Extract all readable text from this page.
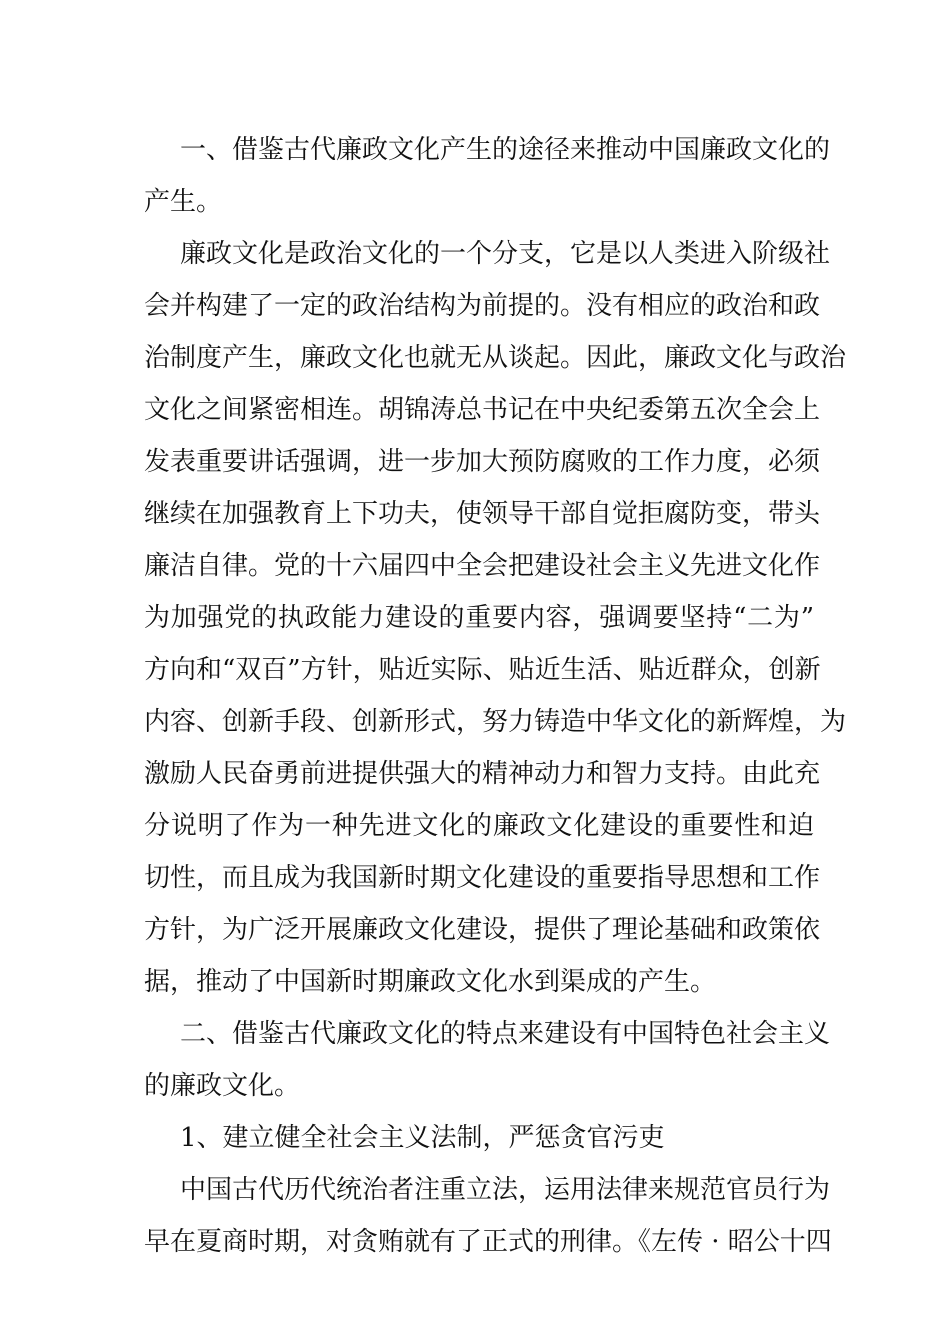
一、借鉴古代廉政文化产生的途径来推动中国廉政文化的
产生。
廉政文化是政治文化的一个分支，它是以人类进入阶级社
会并构建了一定的政治结构为前提的。没有相应的政治和政
治制度产生，廉政文化也就无从谈起。因此，廉政文化与政治
文化之间紧密相连。胡锦涛总书记在中央纪委第五次全会上
发表重要讲话强调，进一步加大预防腐败的工作力度，必须
继续在加强教育上下功夫，使领导干部自觉拒腐防变，带头
廉洁自律。党的十六届四中全会把建设社会主义先进文化作
为加强党的执政能力建设的重要内容，强调要坚持“二为”
方向和“双百”方针，贴近实际、贴近生活、贴近群众，创新
内容、创新手段、创新形式，努力铸造中华文化的新辉煌，为
激励人民奋勇前进提供强大的精神动力和智力支持。由此充
分说明了作为一种先进文化的廉政文化建设的重要性和迫
切性，而且成为我国新时期文化建设的重要指导思想和工作
方针，为广泛开展廉政文化建设，提供了理论基础和政策依
据，推动了中国新时期廉政文化水到渠成的产生。
二、借鉴古代廉政文化的特点来建设有中国特色社会主义
的廉政文化。
1、建立健全社会主义法制，严惩贪官污吏
中国古代历代统治者注重立法，运用法律来规范官员行为
早在夏商时期，对贪贿就有了正式的刑律。《左传 · 昭公十四
